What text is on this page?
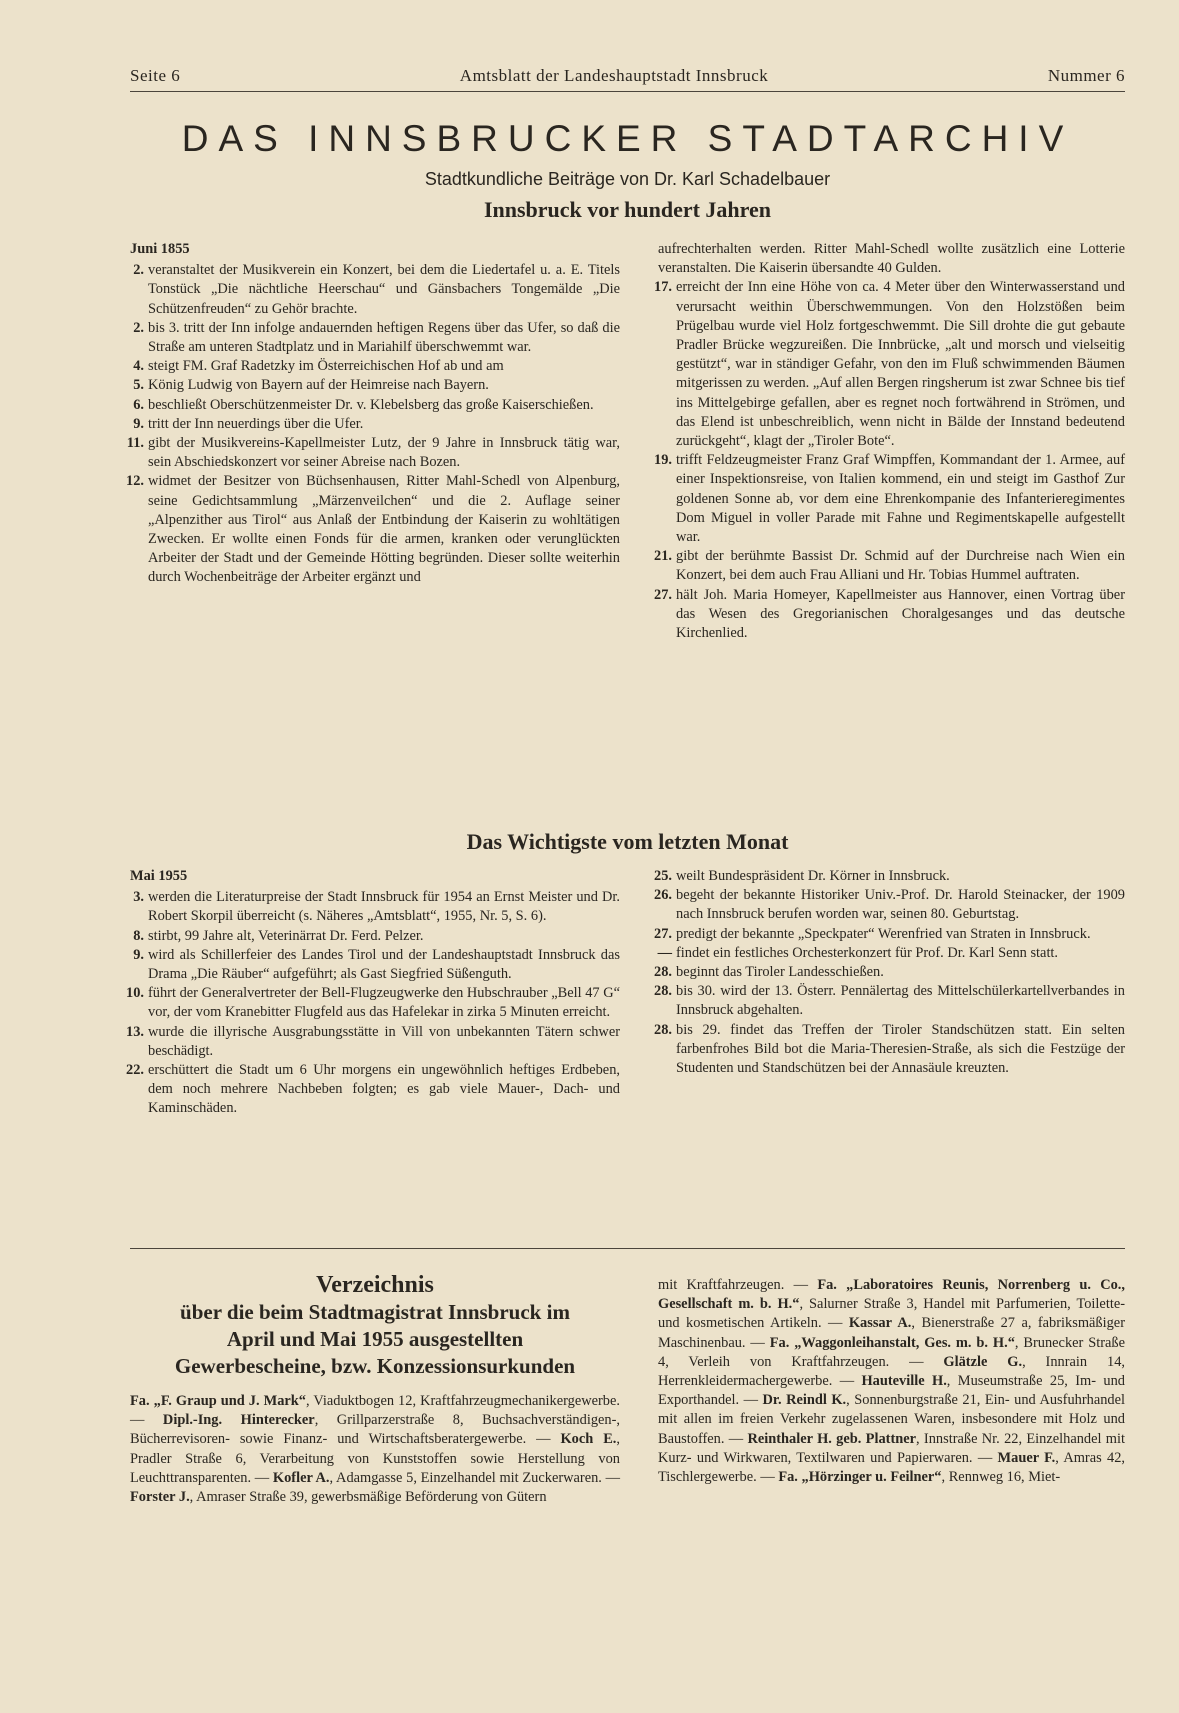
Seite 6	Amtsblatt der Landeshauptstadt Innsbruck	Nummer 6
DAS INNSBRUCKER STADTARCHIV
Stadtkundliche Beiträge von Dr. Karl Schadelbauer
Innsbruck vor hundert Jahren
Juni 1855

2. veranstaltet der Musikverein ein Konzert, bei dem die Liedertafel u. a. E. Titels Tonstück „Die nächtliche Heerschau“ und Gänsbachers Tongemälde „Die Schützenfreuden“ zu Gehör brachte.

2. bis 3. tritt der Inn infolge andauernden heftigen Regens über das Ufer, so daß die Straße am unteren Stadtplatz und in Mariahilf überschwemmt war.

4. steigt FM. Graf Radetzky im Österreichischen Hof ab und am

5. König Ludwig von Bayern auf der Heimreise nach Bayern.

6. beschließt Oberschützenmeister Dr. v. Klebelsberg das große Kaiserschießen.

9. tritt der Inn neuerdings über die Ufer.

11. gibt der Musikvereins-Kapellmeister Lutz, der 9 Jahre in Innsbruck tätig war, sein Abschiedskonzert vor seiner Abreise nach Bozen.

12. widmet der Besitzer von Büchsenhausen, Ritter Mahl-Schedl von Alpenburg, seine Gedichtsammlung „Märzenveilchen“ und die 2. Auflage seiner „Alpenzither aus Tirol“ aus Anlaß der Entbindung der Kaiserin zu wohltätigen Zwecken. Er wollte einen Fonds für die armen, kranken oder verunglückten Arbeiter der Stadt und der Gemeinde Hötting begründen. Dieser sollte weiterhin durch Wochenbeiträge der Arbeiter ergänzt und

aufrechterhalten werden. Ritter Mahl-Schedl wollte zusätzlich eine Lotterie veranstalten. Die Kaiserin übersandte 40 Gulden.

17. erreicht der Inn eine Höhe von ca. 4 Meter über den Winterwasserstand und verursacht weithin Überschwemmungen. Von den Holzstößen beim Prügelbau wurde viel Holz fortgeschwemmt. Die Sill drohte die gut gebaute Pradler Brücke wegzureißen. Die Innbrücke, „alt und morsch und vielseitig gestützt“, war in ständiger Gefahr, von den im Fluß schwimmenden Bäumen mitgerissen zu werden. „Auf allen Bergen ringsherum ist zwar Schnee bis tief ins Mittelgebirge gefallen, aber es regnet noch fortwährend in Strömen, und das Elend ist unbeschreiblich, wenn nicht in Bälde der Innstand bedeutend zurückgeht“, klagt der „Tiroler Bote“.

19. trifft Feldzeugmeister Franz Graf Wimpffen, Kommandant der 1. Armee, auf einer Inspektionsreise, von Italien kommend, ein und steigt im Gasthof Zur goldenen Sonne ab, vor dem eine Ehrenkompanie des Infanterieregimentes Dom Miguel in voller Parade mit Fahne und Regimentskapelle aufgestellt war.

21. gibt der berühmte Bassist Dr. Schmid auf der Durchreise nach Wien ein Konzert, bei dem auch Frau Alliani und Hr. Tobias Hummel auftraten.

27. hält Joh. Maria Homeyer, Kapellmeister aus Hannover, einen Vortrag über das Wesen des Gregorianischen Choralgesanges und das deutsche Kirchenlied.

Das Wichtigste vom letzten Monat
Mai 1955

3. werden die Literaturpreise der Stadt Innsbruck für 1954 an Ernst Meister und Dr. Robert Skorpil überreicht (s. Näheres „Amtsblatt“, 1955, Nr. 5, S. 6).

8. stirbt, 99 Jahre alt, Veterinärrat Dr. Ferd. Pelzer.

9. wird als Schillerfeier des Landes Tirol und der Landeshauptstadt Innsbruck das Drama „Die Räuber“ aufgeführt; als Gast Siegfried Süßenguth.

10. führt der Generalvertreter der Bell-Flugzeugwerke den Hubschrauber „Bell 47 G“ vor, der vom Kranebitter Flugfeld aus das Hafelekar in zirka 5 Minuten erreicht.

13. wurde die illyrische Ausgrabungsstätte in Vill von unbekannten Tätern schwer beschädigt.

22. erschüttert die Stadt um 6 Uhr morgens ein ungewöhnlich heftiges Erdbeben, dem noch mehrere Nachbeben folgten; es gab viele Mauer-, Dach- und Kaminschäden.

25. weilt Bundespräsident Dr. Körner in Innsbruck.

26. begeht der bekannte Historiker Univ.-Prof. Dr. Harold Steinacker, der 1909 nach Innsbruck berufen worden war, seinen 80. Geburtstag.

27. predigt der bekannte „Speckpater“ Werenfried van Straten in Innsbruck.

— findet ein festliches Orchesterkonzert für Prof. Dr. Karl Senn statt.

28. beginnt das Tiroler Landesschießen.

28. bis 30. wird der 13. Österr. Pennälertag des Mittelschülerkartellverbandes in Innsbruck abgehalten.

28. bis 29. findet das Treffen der Tiroler Standschützen statt. Ein selten farbenfrohes Bild bot die Maria-Theresien-Straße, als sich die Festzüge der Studenten und Standschützen bei der Annasäule kreuzten.

Verzeichnis
über die beim Stadtmagistrat Innsbruck im
April und Mai 1955 ausgestellten
Gewerbescheine, bzw. Konzessionsurkunden
Fa. „F. Graup und J. Mark“, Viaduktbogen 12, Kraftfahrzeugmechanikergewerbe. — Dipl.-Ing. Hinterecker, Grillparzerstraße 8, Buchsachverständigen-, Bücherrevisoren- sowie Finanz- und Wirtschaftsberatergewerbe. — Koch E., Pradler Straße 6, Verarbeitung von Kunststoffen sowie Herstellung von Leuchttransparenten. — Kofler A., Adamgasse 5, Einzelhandel mit Zuckerwaren. — Forster J., Amraser Straße 39, gewerbsmäßige Beförderung von Gütern
mit Kraftfahrzeugen. — Fa. „Laboratoires Reunis, Norrenberg u. Co., Gesellschaft m. b. H.“, Salurner Straße 3, Handel mit Parfumerien, Toilette- und kosmetischen Artikeln. — Kassar A., Bienerstraße 27 a, fabriksmäßiger Maschinenbau. — Fa. „Waggonleihanstalt, Ges. m. b. H.“, Brunecker Straße 4, Verleih von Kraftfahrzeugen. — Glätzle G., Innrain 14, Herrenkleidermachergewerbe. — Hauteville H., Museumstraße 25, Im- und Exporthandel. — Dr. Reindl K., Sonnenburgstraße 21, Ein- und Ausfuhrhandel mit allen im freien Verkehr zugelassenen Waren, insbesondere mit Holz und Baustoffen. — Reinthaler H. geb. Plattner, Innstraße Nr. 22, Einzelhandel mit Kurz- und Wirkwaren, Textilwaren und Papierwaren. — Mauer F., Amras 42, Tischlergewerbe. — Fa. „Hörzinger u. Feilner“, Rennweg 16, Miet-
